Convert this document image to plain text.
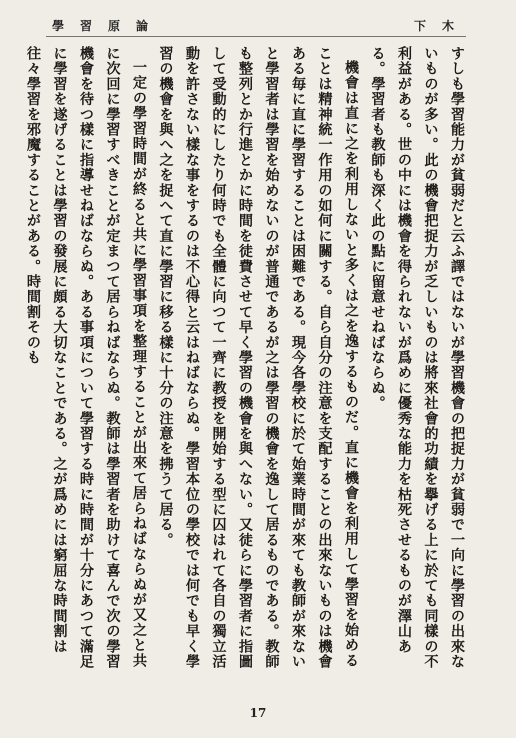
學　習　原　論	下　木

すしも學習能力が貧弱だと云ふ譯ではないが學習機會の把捉力が貧弱で一向に學習の出來ないものが多い。此の機會把捉力が乏しいものは將來社會的功績を擧げる上に於ても同樣の不利益がある。世の中には機會を得られないが爲めに優秀な能力を枯死させるものが澤山ある。學習者も教師も深く此の點に留意せねばならぬ。

機會は直に之を利用しないと多くは之を逸するものだ。直に機會を利用して學習を始めることは精神統一作用の如何に關する。自ら自分の注意を支配することの出來ないものは機會ある毎に直に學習することは困難である。現今各學校に於て始業時間が來ても教師が來ないと學習者は學習を始めないのが普通であるが之は學習の機會を逸して居るものである。教師も整列とか行進とかに時間を徒費させて早く學習の機會を與へない。又徒らに學習者に指圖して受動的にしたり何時でも全體に向つて一齊に教授を開始する型に囚はれて各自の獨立活動を許さない樣な事をするのは不心得と云はねばならぬ。學習本位の學校では何でも早く學習の機會を與へ之を捉へて直に學習に移る樣に十分の注意を拂うて居る。

一定の學習時間が終ると共に學習事項を整理することが出來て居らねばならぬが又之と共に次回に學習すべきことが定まつて居らねばならぬ。教師は學習者を助けて喜んで次の學習機會を待つ樣に指導せねばならぬ。ある事項について學習する時に時間が十分にあつて滿足に學習を遂げることは學習の發展に頗る大切なことである。之が爲めには窮屈な時間割は往々學習を邪魔することがある。時間割そのも

17
